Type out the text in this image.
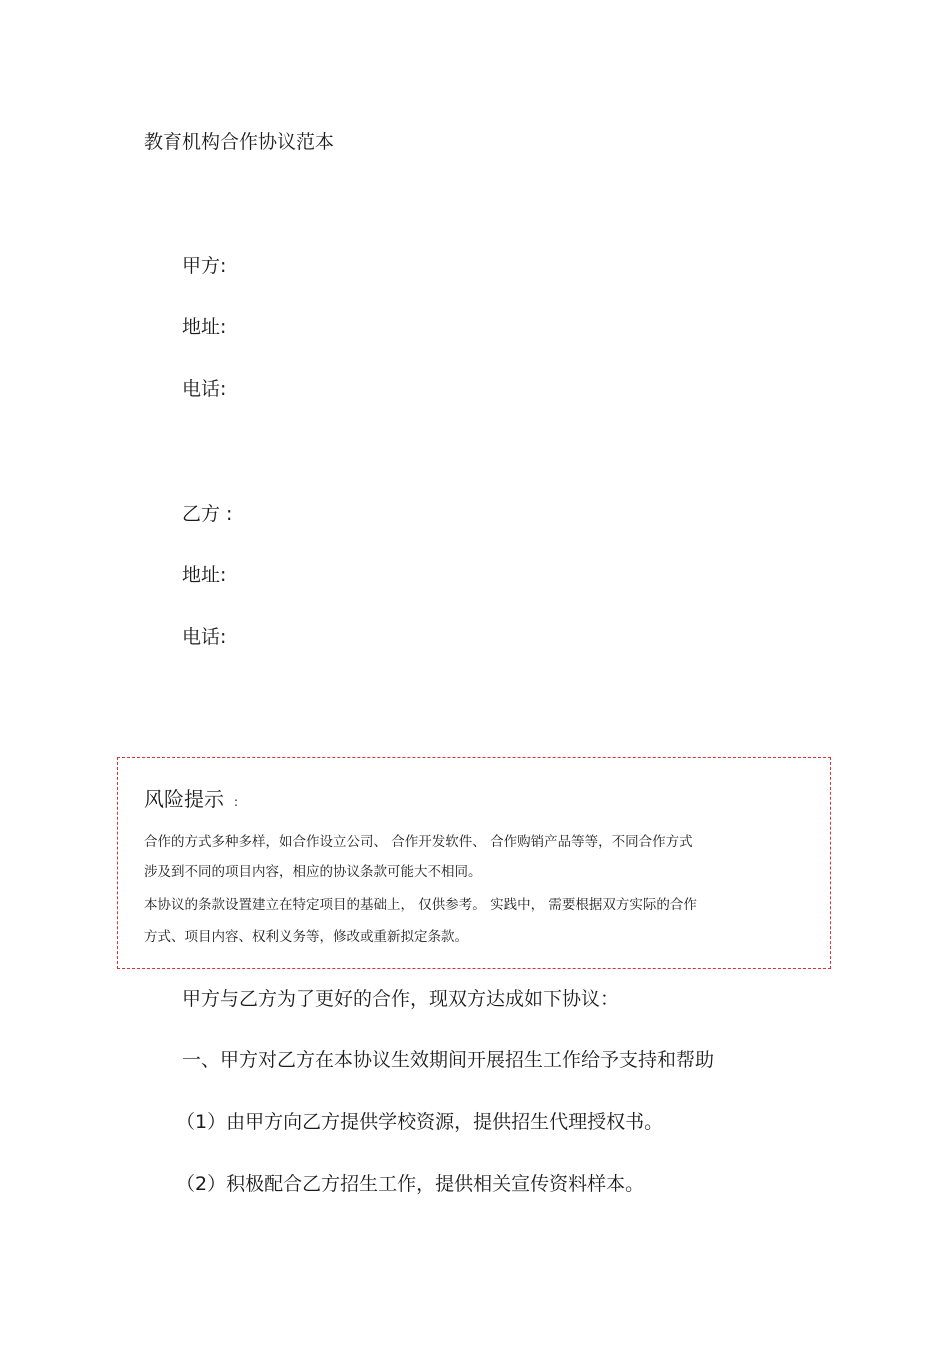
教育机构合作协议范本
甲方:
地址:
电话:
乙方 :
地址:
电话:
风险提示 :
合作的方式多种多样，如合作设立公司、 合作开发软件、 合作购销产品等等，不同合作方式
涉及到不同的项目内容，相应的协议条款可能大不相同。
本协议的条款设置建立在特定项目的基础上， 仅供参考。 实践中， 需要根据双方实际的合作
方式、项目内容、权利义务等，修改或重新拟定条款。
甲方与乙方为了更好的合作，现双方达成如下协议：
一、甲方对乙方在本协议生效期间开展招生工作给予支持和帮助
（1）由甲方向乙方提供学校资源，提供招生代理授权书。
（2）积极配合乙方招生工作，提供相关宣传资料样本。
